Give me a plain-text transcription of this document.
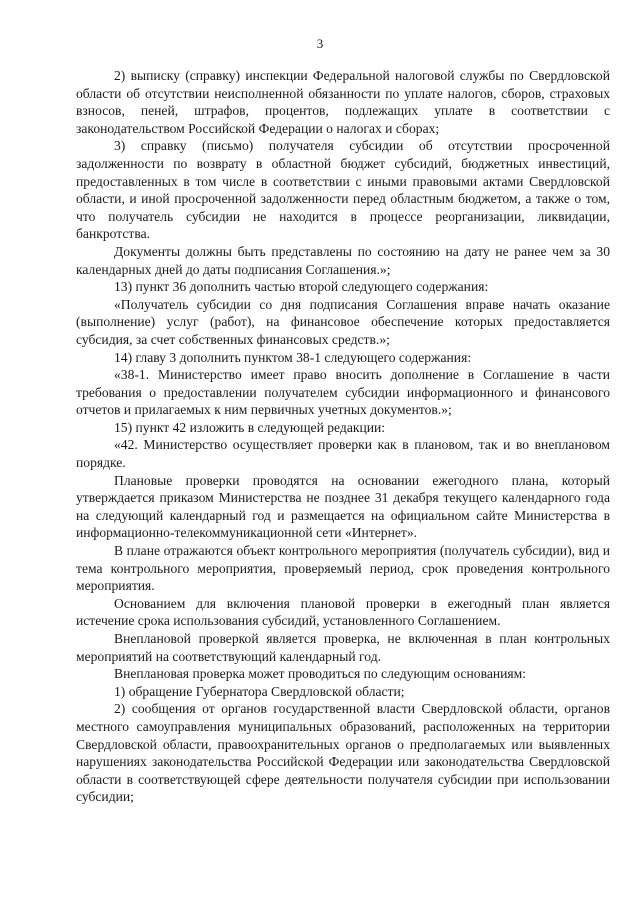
3

2) выписку (справку) инспекции Федеральной налоговой службы по Свердловской области об отсутствии неисполненной обязанности по уплате налогов, сборов, страховых взносов, пеней, штрафов, процентов, подлежащих уплате в соответствии с законодательством Российской Федерации о налогах и сборах;

3) справку (письмо) получателя субсидии об отсутствии просроченной задолженности по возврату в областной бюджет субсидий, бюджетных инвестиций, предоставленных в том числе в соответствии с иными правовыми актами Свердловской области, и иной просроченной задолженности перед областным бюджетом, а также о том, что получатель субсидии не находится в процессе реорганизации, ликвидации, банкротства.

Документы должны быть представлены по состоянию на дату не ранее чем за 30 календарных дней до даты подписания Соглашения.»;

13) пункт 36 дополнить частью второй следующего содержания:

«Получатель субсидии со дня подписания Соглашения вправе начать оказание (выполнение) услуг (работ), на финансовое обеспечение которых предоставляется субсидия, за счет собственных финансовых средств.»;

14) главу 3 дополнить пунктом 38-1 следующего содержания:

«38-1. Министерство имеет право вносить дополнение в Соглашение в части требования о предоставлении получателем субсидии информационного и финансового отчетов и прилагаемых к ним первичных учетных документов.»;

15) пункт 42 изложить в следующей редакции:

«42. Министерство осуществляет проверки как в плановом, так и во внеплановом порядке.

Плановые проверки проводятся на основании ежегодного плана, который утверждается приказом Министерства не позднее 31 декабря текущего календарного года на следующий календарный год и размещается на официальном сайте Министерства в информационно-телекоммуникационной сети «Интернет».

В плане отражаются объект контрольного мероприятия (получатель субсидии), вид и тема контрольного мероприятия, проверяемый период, срок проведения контрольного мероприятия.

Основанием для включения плановой проверки в ежегодный план является истечение срока использования субсидий, установленного Соглашением.

Внеплановой проверкой является проверка, не включенная в план контрольных мероприятий на соответствующий календарный год.

Внеплановая проверка может проводиться по следующим основаниям:

1) обращение Губернатора Свердловской области;

2) сообщения от органов государственной власти Свердловской области, органов местного самоуправления муниципальных образований, расположенных на территории Свердловской области, правоохранительных органов о предполагаемых или выявленных нарушениях законодательства Российской Федерации или законодательства Свердловской области в соответствующей сфере деятельности получателя субсидии при использовании субсидии;
